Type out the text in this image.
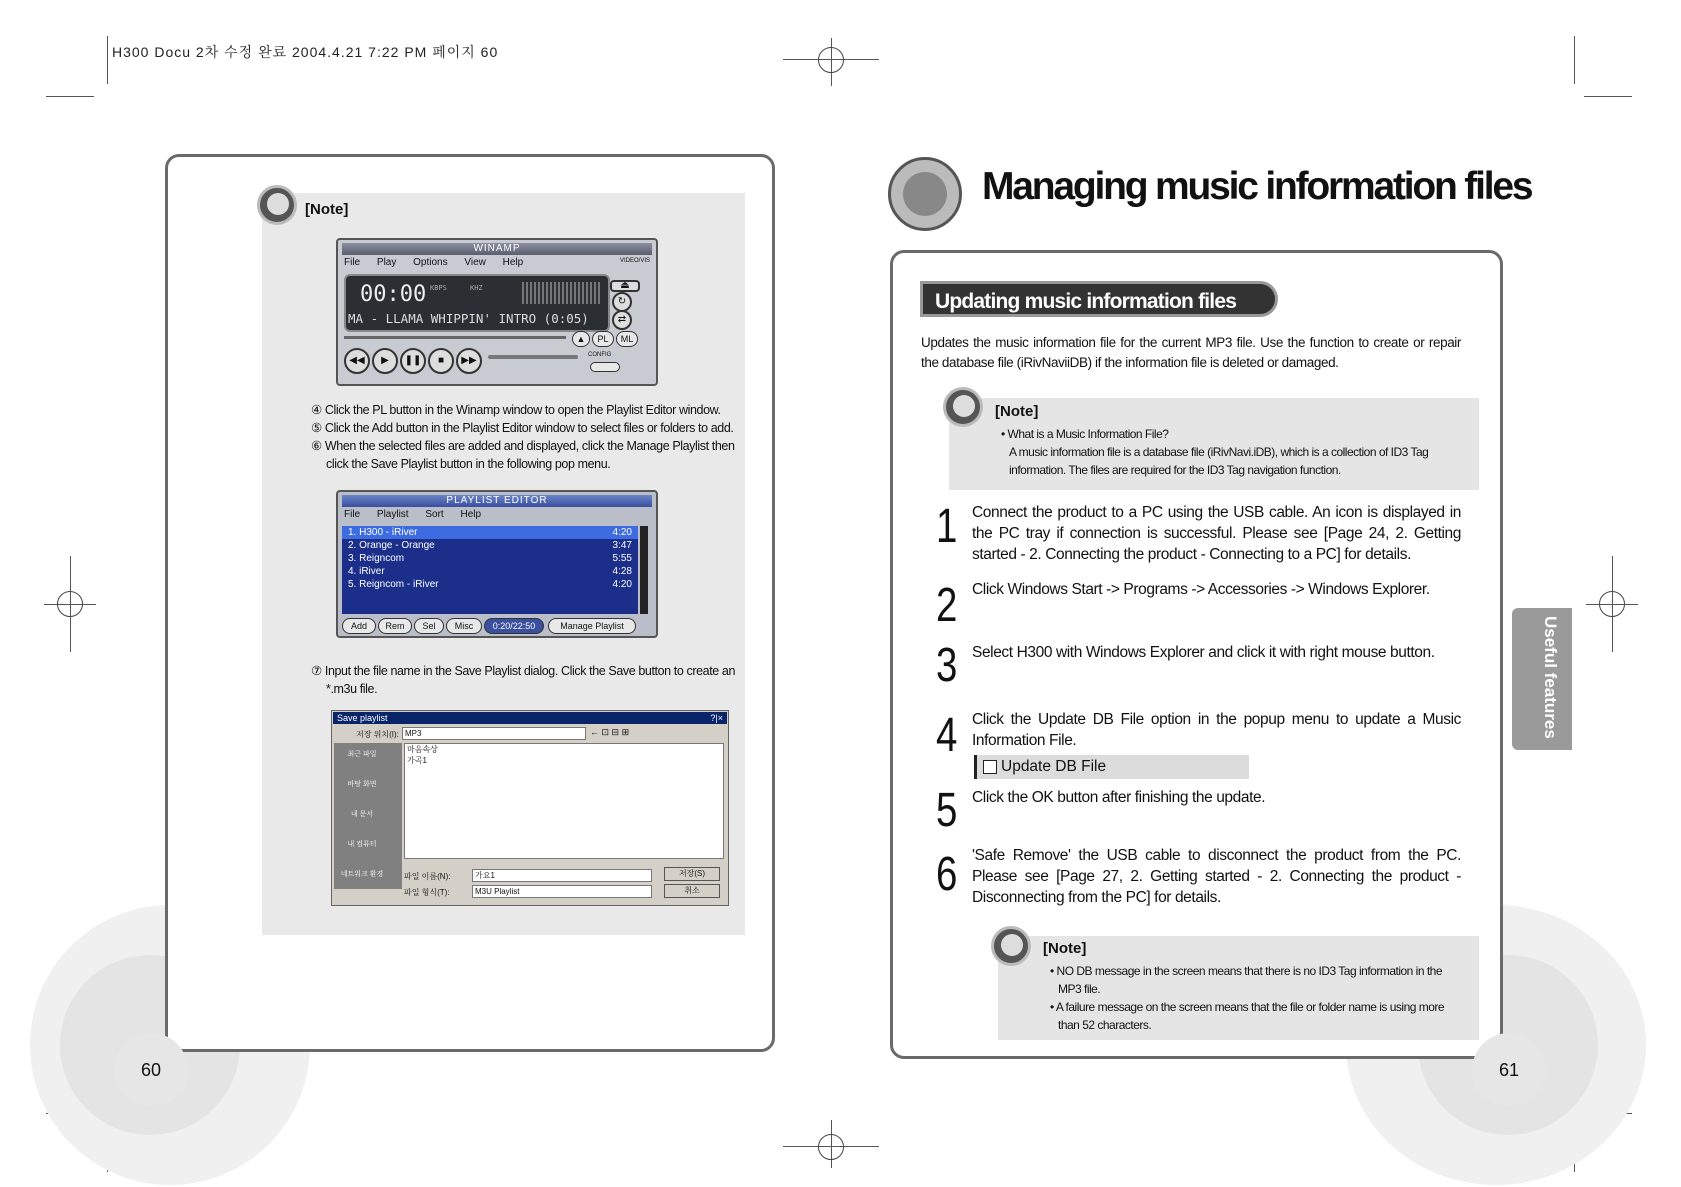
H300 Docu 2차 수정 완료 2004.4.21 7:22 PM 페이지 60
[Note]
WINAMP
File Play Options View Help	VIDEO/VIS
00:00 KBPS	KHZ
MA - LLAMA WHIPPIN' INTRO (0:05)
⏏
↻
⇄
▲	PL	ML
◀◀	▶	❚❚	■	▶▶	CONFIG
④ Click the PL button in the Winamp window to open the Playlist Editor window.
⑤ Click the Add button in the Playlist Editor window to select files or folders to add.
⑥ When the selected files are added and displayed, click the Manage Playlist then
click the Save Playlist button in the following pop menu.
PLAYLIST EDITOR
File Playlist Sort Help
1. H300 - iRiver	4:20
2. Orange - Orange	3:47
3. Reigncom	5:55
4. iRiver	4:28
5. Reigncom - iRiver	4:20
Add	Rem	Sel	Misc	0:20/22:50	Manage Playlist
⑦ Input the file name in the Save Playlist dialog. Click the Save button to create an
*.m3u file.
Save playlist	?|×
저장 위치(I): MP3	← ⊡ ⊟ ⊞
최근 파일
바탕 화면
내 문서
내 컴퓨터
네트워크 환경
마음속상
가곡1
파일 이름(N):	가요1
파일 형식(T):	M3U Playlist
저장(S)
취소
60
Managing music information files
Updating music information files
Updates the music information file for the current MP3 file. Use the function to create or repair the database file (iRivNaviiDB) if the information file is deleted or damaged.
[Note]
• What is a Music Information File?
A music information file is a database file (iRivNavi.iDB), which is a collection of ID3 Tag
information. The files are required for the ID3 Tag navigation function.
1 Connect the product to a PC using the USB cable. An icon is displayed in the PC tray if connection is successful. Please see [Page 24, 2. Getting started - 2. Connecting the product - Connecting to a PC] for details.
2 Click Windows Start -> Programs -> Accessories -> Windows Explorer.
3 Select H300 with Windows Explorer and click it with right mouse button.
4 Click the Update DB File option in the popup menu to update a Music Information File.
Update DB File
5 Click the OK button after finishing the update.
6 'Safe Remove' the USB cable to disconnect the product from the PC. Please see [Page 27, 2. Getting started - 2. Connecting the product - Disconnecting from the PC] for details.
[Note]
• NO DB message in the screen means that there is no ID3 Tag information in the
MP3 file.
• A failure message on the screen means that the file or folder name is using more
than 52 characters.
Useful features
61
